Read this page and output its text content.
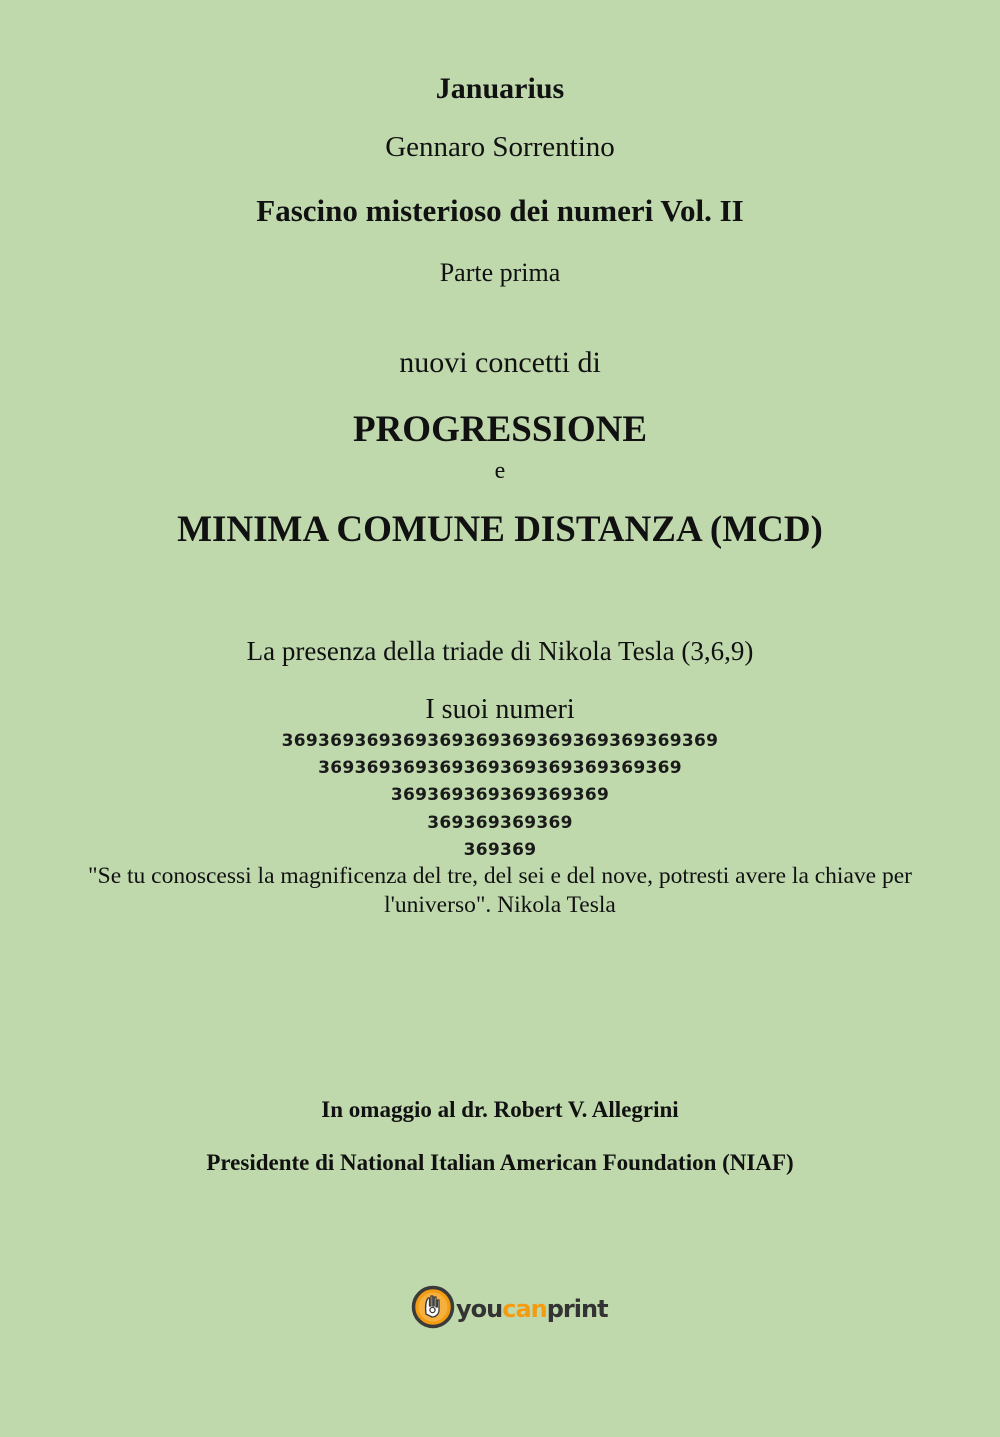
Januarius
Gennaro Sorrentino
Fascino misterioso dei numeri Vol. II
Parte prima
nuovi concetti di
PROGRESSIONE
e
MINIMA COMUNE DISTANZA (MCD)
La presenza della triade di Nikola Tesla (3,6,9)
I suoi numeri
369369369369369369369369369369369369
369369369369369369369369369369
369369369369369369
369369369369
369369
"Se tu conoscessi la magnificenza del tre, del sei e del nove, potresti avere la chiave per l'universo". Nikola Tesla
In omaggio al dr. Robert V. Allegrini
Presidente di National Italian American Foundation (NIAF)
youcanprint
